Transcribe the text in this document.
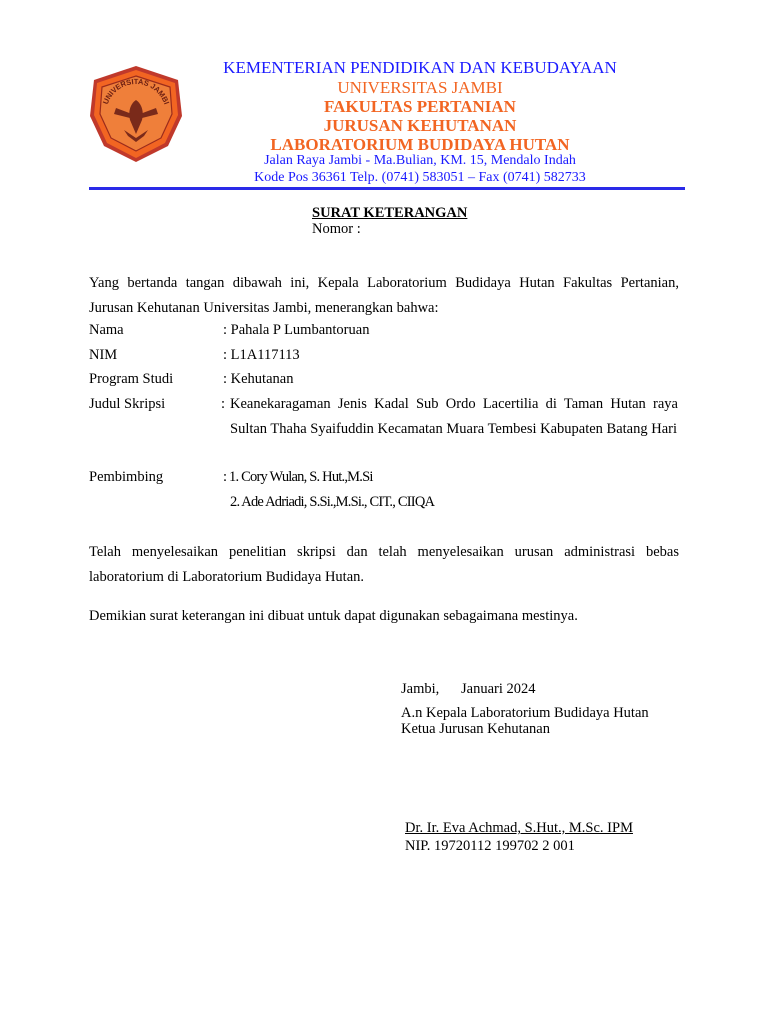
UNIVERSITAS JAMBI
KEMENTERIAN PENDIDIKAN DAN KEBUDAYAAN
UNIVERSITAS JAMBI
FAKULTAS PERTANIAN
JURUSAN KEHUTANAN
LABORATORIUM BUDIDAYA HUTAN
Jalan Raya Jambi - Ma.Bulian, KM. 15, Mendalo Indah
Kode Pos 36361 Telp. (0741) 583051 – Fax (0741) 582733
SURAT KETERANGAN
Nomor :
Yang bertanda tangan dibawah ini, Kepala Laboratorium Budidaya Hutan Fakultas Pertanian, Jurusan Kehutanan Universitas Jambi, menerangkan bahwa:
Nama	: Pahala P Lumbantoruan
NIM	: L1A117113
Program Studi	: Kehutanan
Judul Skripsi	: Keanekaragaman Jenis Kadal Sub Ordo Lacertilia di Taman Hutan raya Sultan Thaha Syaifuddin Kecamatan Muara Tembesi Kabupaten Batang Hari
Pembimbing	: 1. Cory Wulan, S. Hut.,M.Si
2. Ade Adriadi, S.Si.,M.Si., CIT., CIIQA
Telah menyelesaikan penelitian skripsi dan telah menyelesaikan urusan administrasi bebas laboratorium di Laboratorium Budidaya Hutan.
Demikian surat keterangan ini dibuat untuk dapat digunakan sebagaimana mestinya.
Jambi,      Januari 2024
A.n Kepala Laboratorium Budidaya Hutan
Ketua Jurusan Kehutanan
Dr. Ir. Eva Achmad, S.Hut., M.Sc. IPM
NIP. 19720112 199702 2 001
